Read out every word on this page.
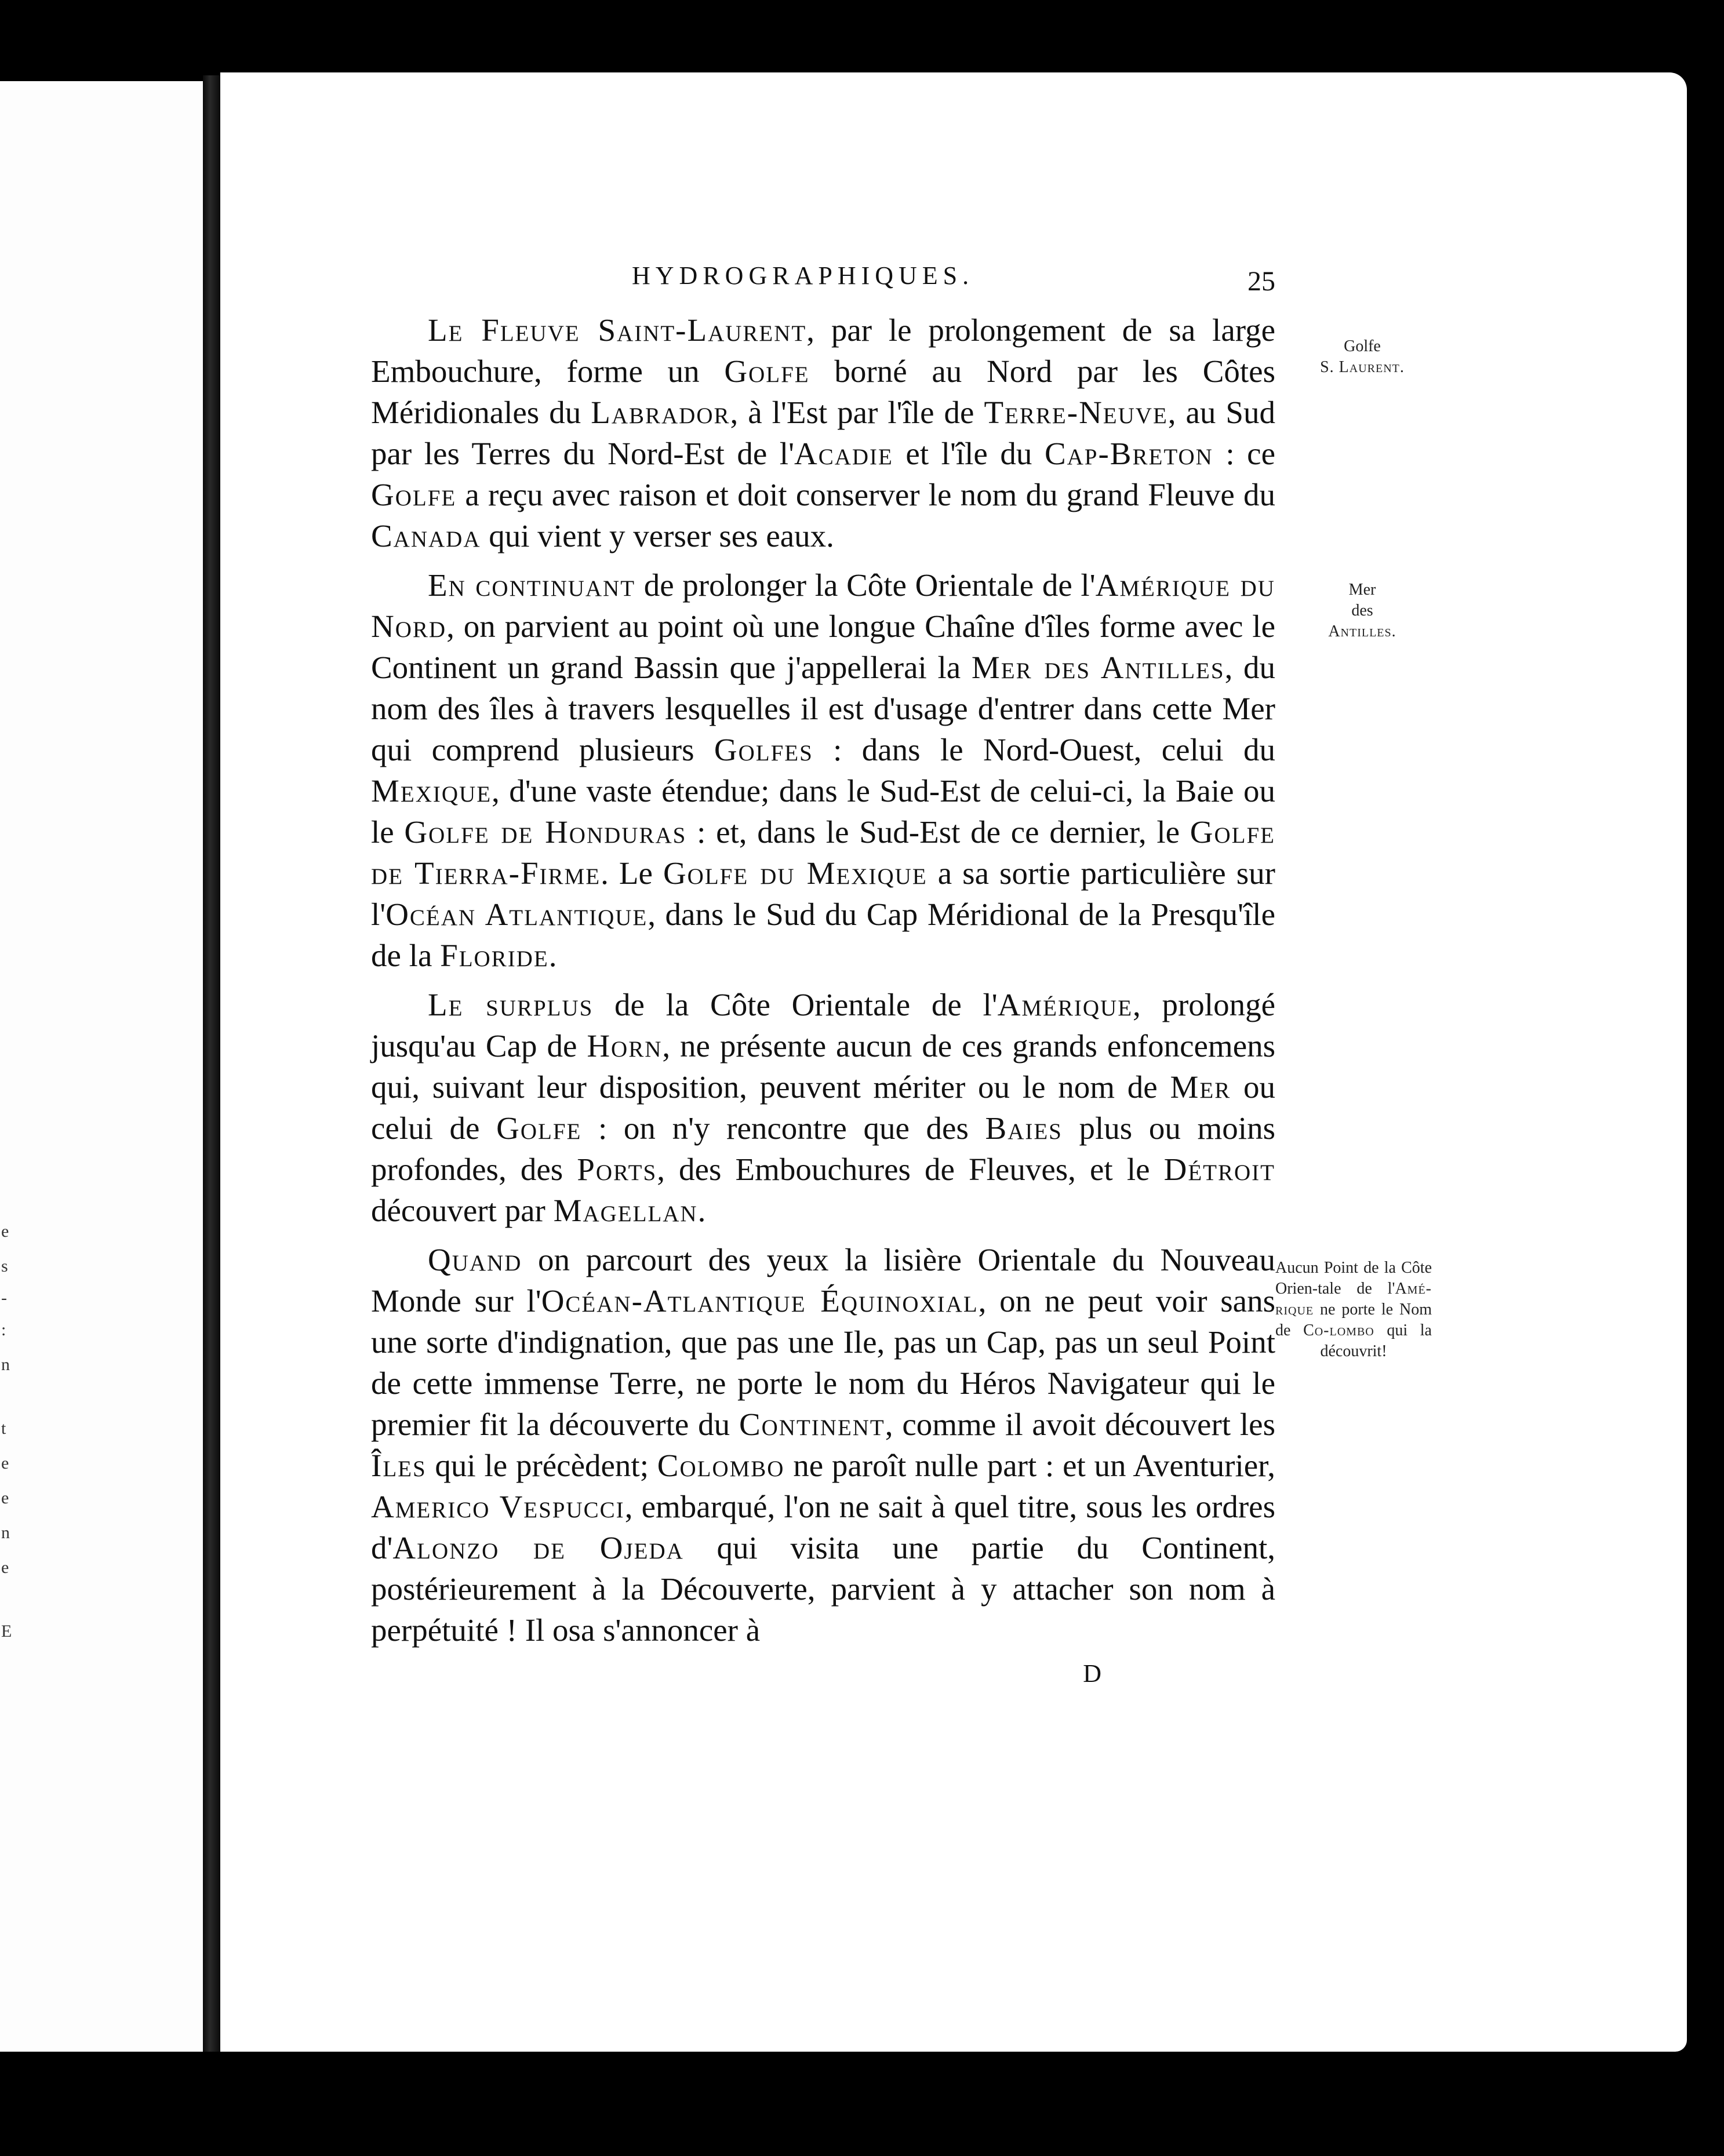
e
s
-
:
n
t
e
e
n
e
E
HYDROGRAPHIQUES.	25

Le Fleuve Saint-Laurent, par le prolongement de sa large Embouchure, forme un Golfe borné au Nord par les Côtes Méridionales du Labrador, à l'Est par l'île de Terre-Neuve, au Sud par les Terres du Nord-Est de l'Acadie et l'île du Cap-Breton : ce Golfe a reçu avec raison et doit conserver le nom du grand Fleuve du Canada qui vient y verser ses eaux.

En continuant de prolonger la Côte Orientale de l'Amérique du Nord, on parvient au point où une longue Chaîne d'îles forme avec le Continent un grand Bassin que j'appellerai la Mer des Antilles, du nom des îles à travers lesquelles il est d'usage d'entrer dans cette Mer qui comprend plusieurs Golfes : dans le Nord-Ouest, celui du Mexique, d'une vaste étendue; dans le Sud-Est de celui-ci, la Baie ou le Golfe de Honduras : et, dans le Sud-Est de ce dernier, le Golfe de Tierra-Firme. Le Golfe du Mexique a sa sortie particulière sur l'Océan Atlantique, dans le Sud du Cap Méridional de la Presqu'île de la Floride.

Le surplus de la Côte Orientale de l'Amérique, prolongé jusqu'au Cap de Horn, ne présente aucun de ces grands enfoncemens qui, suivant leur disposition, peuvent mériter ou le nom de Mer ou celui de Golfe : on n'y rencontre que des Baies plus ou moins profondes, des Ports, des Embouchures de Fleuves, et le Détroit découvert par Magellan.

Quand on parcourt des yeux la lisière Orientale du Nouveau Monde sur l'Océan-Atlantique Équinoxial, on ne peut voir sans une sorte d'indignation, que pas une Ile, pas un Cap, pas un seul Point de cette immense Terre, ne porte le nom du Héros Navigateur qui le premier fit la découverte du Continent, comme il avoit découvert les Îles qui le précèdent; Colombo ne paroît nulle part : et un Aventurier, Americo Vespucci, embarqué, l'on ne sait à quel titre, sous les ordres d'Alonzo de Ojeda qui visita une partie du Continent, postérieurement à la Découverte, parvient à y attacher son nom à perpétuité ! Il osa s'annoncer à

D
Golfe
S. Laurent.
Mer
des
Antilles.
Aucun Point de la Côte Orien-tale de l'Amé-rique ne porte le Nom de Co-lombo qui la découvrit!
